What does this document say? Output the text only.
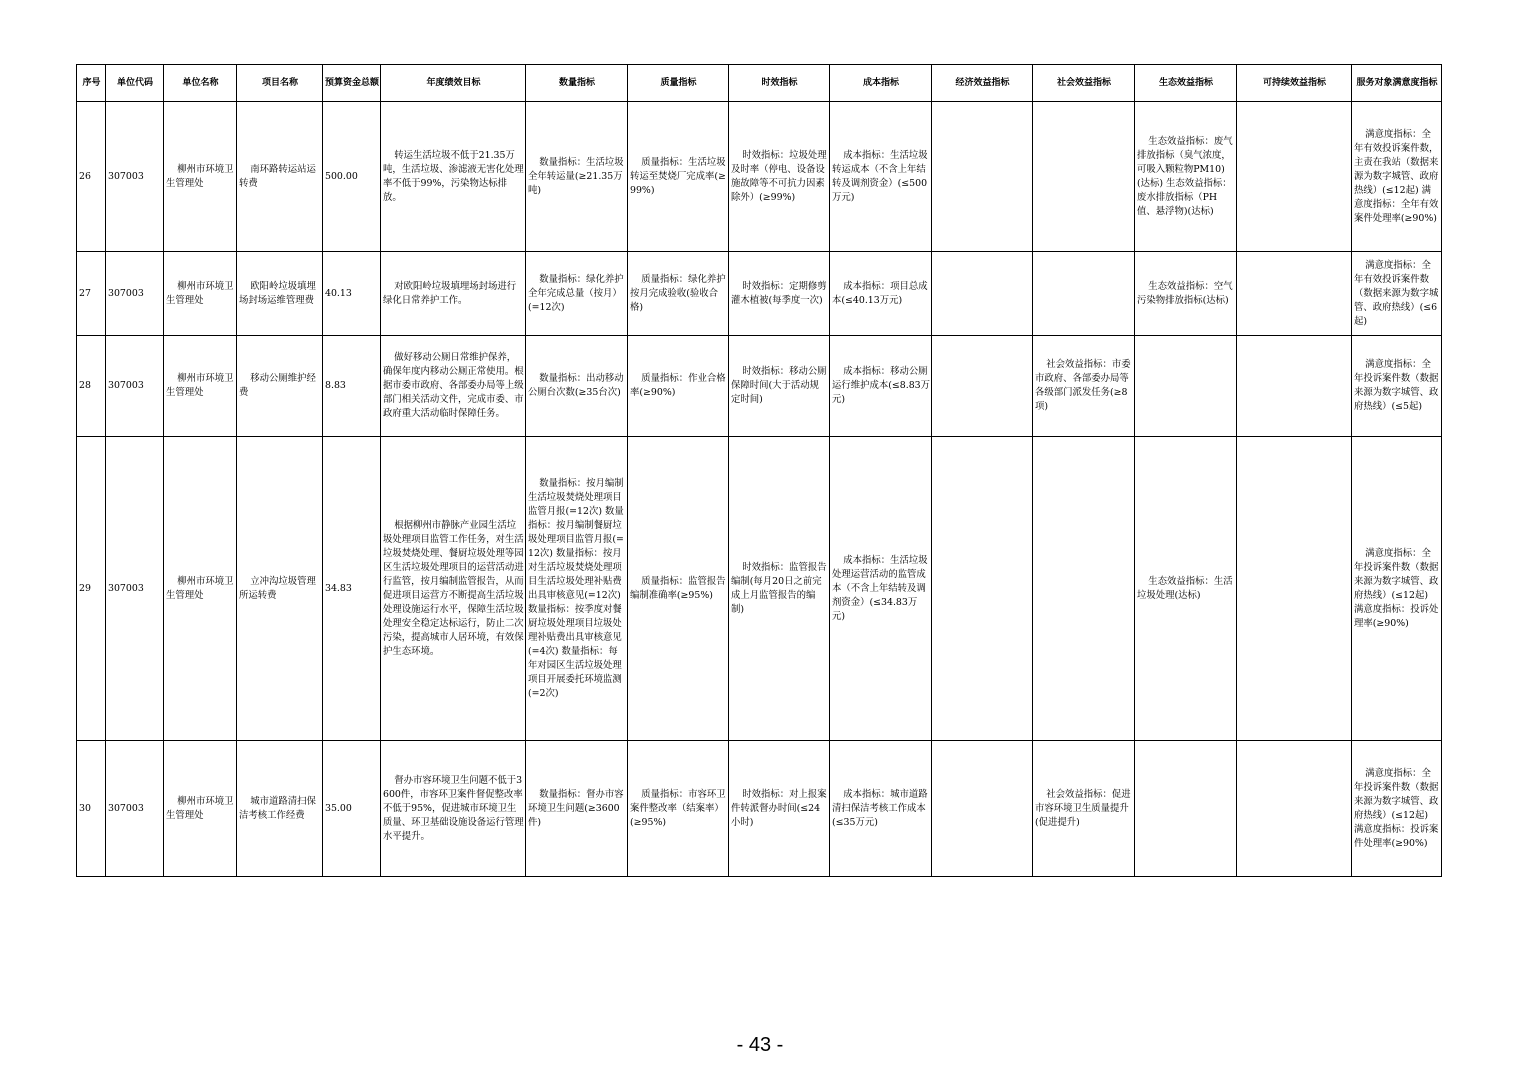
序号	单位代码	单位名称	项目名称	预算资金总额	年度绩效目标	数量指标	质量指标	时效指标	成本指标	经济效益指标	社会效益指标	生态效益指标	可持续效益指标	服务对象满意度指标
26	307003	柳州市环境卫生管理处	南环路转运站运转费	500.00	转运生活垃圾不低于21.35万吨，生活垃圾、渗滤液无害化处理率不低于99%，污染物达标排放。	数量指标：生活垃圾全年转运量(≥21.35万吨)	质量指标：生活垃圾转运至焚烧厂完成率(≥99%)	时效指标：垃圾处理及时率（停电、设备设施故障等不可抗力因素除外）(≥99%)	成本指标：生活垃圾转运成本（不含上年结转及调剂资金）(≤500万元)			生态效益指标：废气排放指标（臭气浓度，可吸入颗粒物PM10)(达标) 生态效益指标：废水排放指标（PH值、悬浮物)(达标)		满意度指标：全年有效投诉案件数，主责在我站（数据来源为数字城管、政府热线）(≤12起) 满意度指标：全年有效案件处理率(≥90%)

27	307003	柳州市环境卫生管理处	欧阳岭垃圾填埋场封场运维管理费	40.13	对欧阳岭垃圾填埋场封场进行绿化日常养护工作。	数量指标：绿化养护全年完成总量（按月）(=12次)	质量指标：绿化养护按月完成验收(验收合格)	时效指标：定期修剪灌木植被(每季度一次)	成本指标：项目总成本(≤40.13万元)			生态效益指标：空气污染物排放指标(达标)		满意度指标：全年有效投诉案件数（数据来源为数字城管、政府热线）(≤6起)

28	307003	柳州市环境卫生管理处	移动公厕维护经费	8.83	做好移动公厕日常维护保养，确保年度内移动公厕正常使用。根据市委市政府、各部委办局等上级部门相关活动文件，完成市委、市政府重大活动临时保障任务。	数量指标：出动移动公厕台次数(≥35台次)	质量指标：作业合格率(≥90%)	时效指标：移动公厕保障时间(大于活动规定时间)	成本指标：移动公厕运行维护成本(≤8.83万元)		社会效益指标：市委市政府、各部委办局等各级部门派发任务(≥8项)			满意度指标：全年投诉案件数（数据来源为数字城管、政府热线）(≤5起)

29	307003	柳州市环境卫生管理处	立冲沟垃圾管理所运转费	34.83	根据柳州市静脉产业园生活垃圾处理项目监管工作任务，对生活垃圾焚烧处理、餐厨垃圾处理等园区生活垃圾处理项目的运营活动进行监管，按月编制监管报告，从而促进项目运营方不断提高生活垃圾处理设施运行水平，保障生活垃圾处理安全稳定达标运行，防止二次污染，提高城市人居环境，有效保护生态环境。	数量指标：按月编制生活垃圾焚烧处理项目监管月报(=12次) 数量指标：按月编制餐厨垃圾处理项目监管月报(=12次) 数量指标：按月对生活垃圾焚烧处理项目生活垃圾处理补贴费出具审核意见(=12次) 数量指标：按季度对餐厨垃圾处理项目垃圾处理补贴费出具审核意见(=4次) 数量指标：每年对园区生活垃圾处理项目开展委托环境监测(=2次)	质量指标：监管报告编制准确率(≥95%)	时效指标：监管报告编制(每月20日之前完成上月监管报告的编制)	成本指标：生活垃圾处理运营活动的监管成本（不含上年结转及调剂资金）(≤34.83万元)			生态效益指标：生活垃圾处理(达标)		满意度指标：全年投诉案件数（数据来源为数字城管、政府热线）(≤12起) 满意度指标：投诉处理率(≥90%)

30	307003	柳州市环境卫生管理处	城市道路清扫保洁考核工作经费	35.00	督办市容环境卫生问题不低于3600件，市容环卫案件督促整改率不低于95%，促进城市环境卫生质量、环卫基础设施设备运行管理水平提升。	数量指标：督办市容环境卫生问题(≥3600件)	质量指标：市容环卫案件整改率（结案率）(≥95%)	时效指标：对上报案件转派督办时间(≤24小时)	成本指标：城市道路清扫保洁考核工作成本(≤35万元)		社会效益指标：促进市容环境卫生质量提升(促进提升)			满意度指标：全年投诉案件数（数据来源为数字城管、政府热线）(≤12起) 满意度指标：投诉案件处理率(≥90%)
- 43 -
